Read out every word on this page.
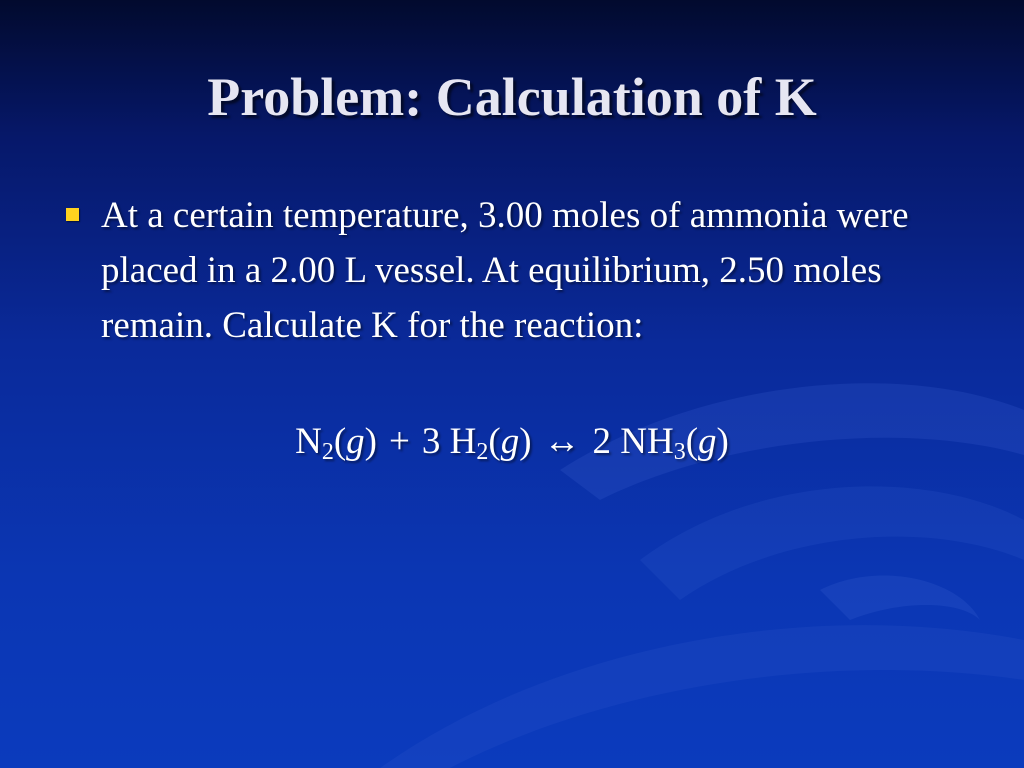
Problem: Calculation of K
At a certain temperature, 3.00 moles of ammonia were placed in a 2.00 L vessel. At equilibrium, 2.50 moles remain. Calculate K for the reaction:
$N_2(g) + 3$ $H_2(g)$ ↔ 2 $NH_3(g)$
